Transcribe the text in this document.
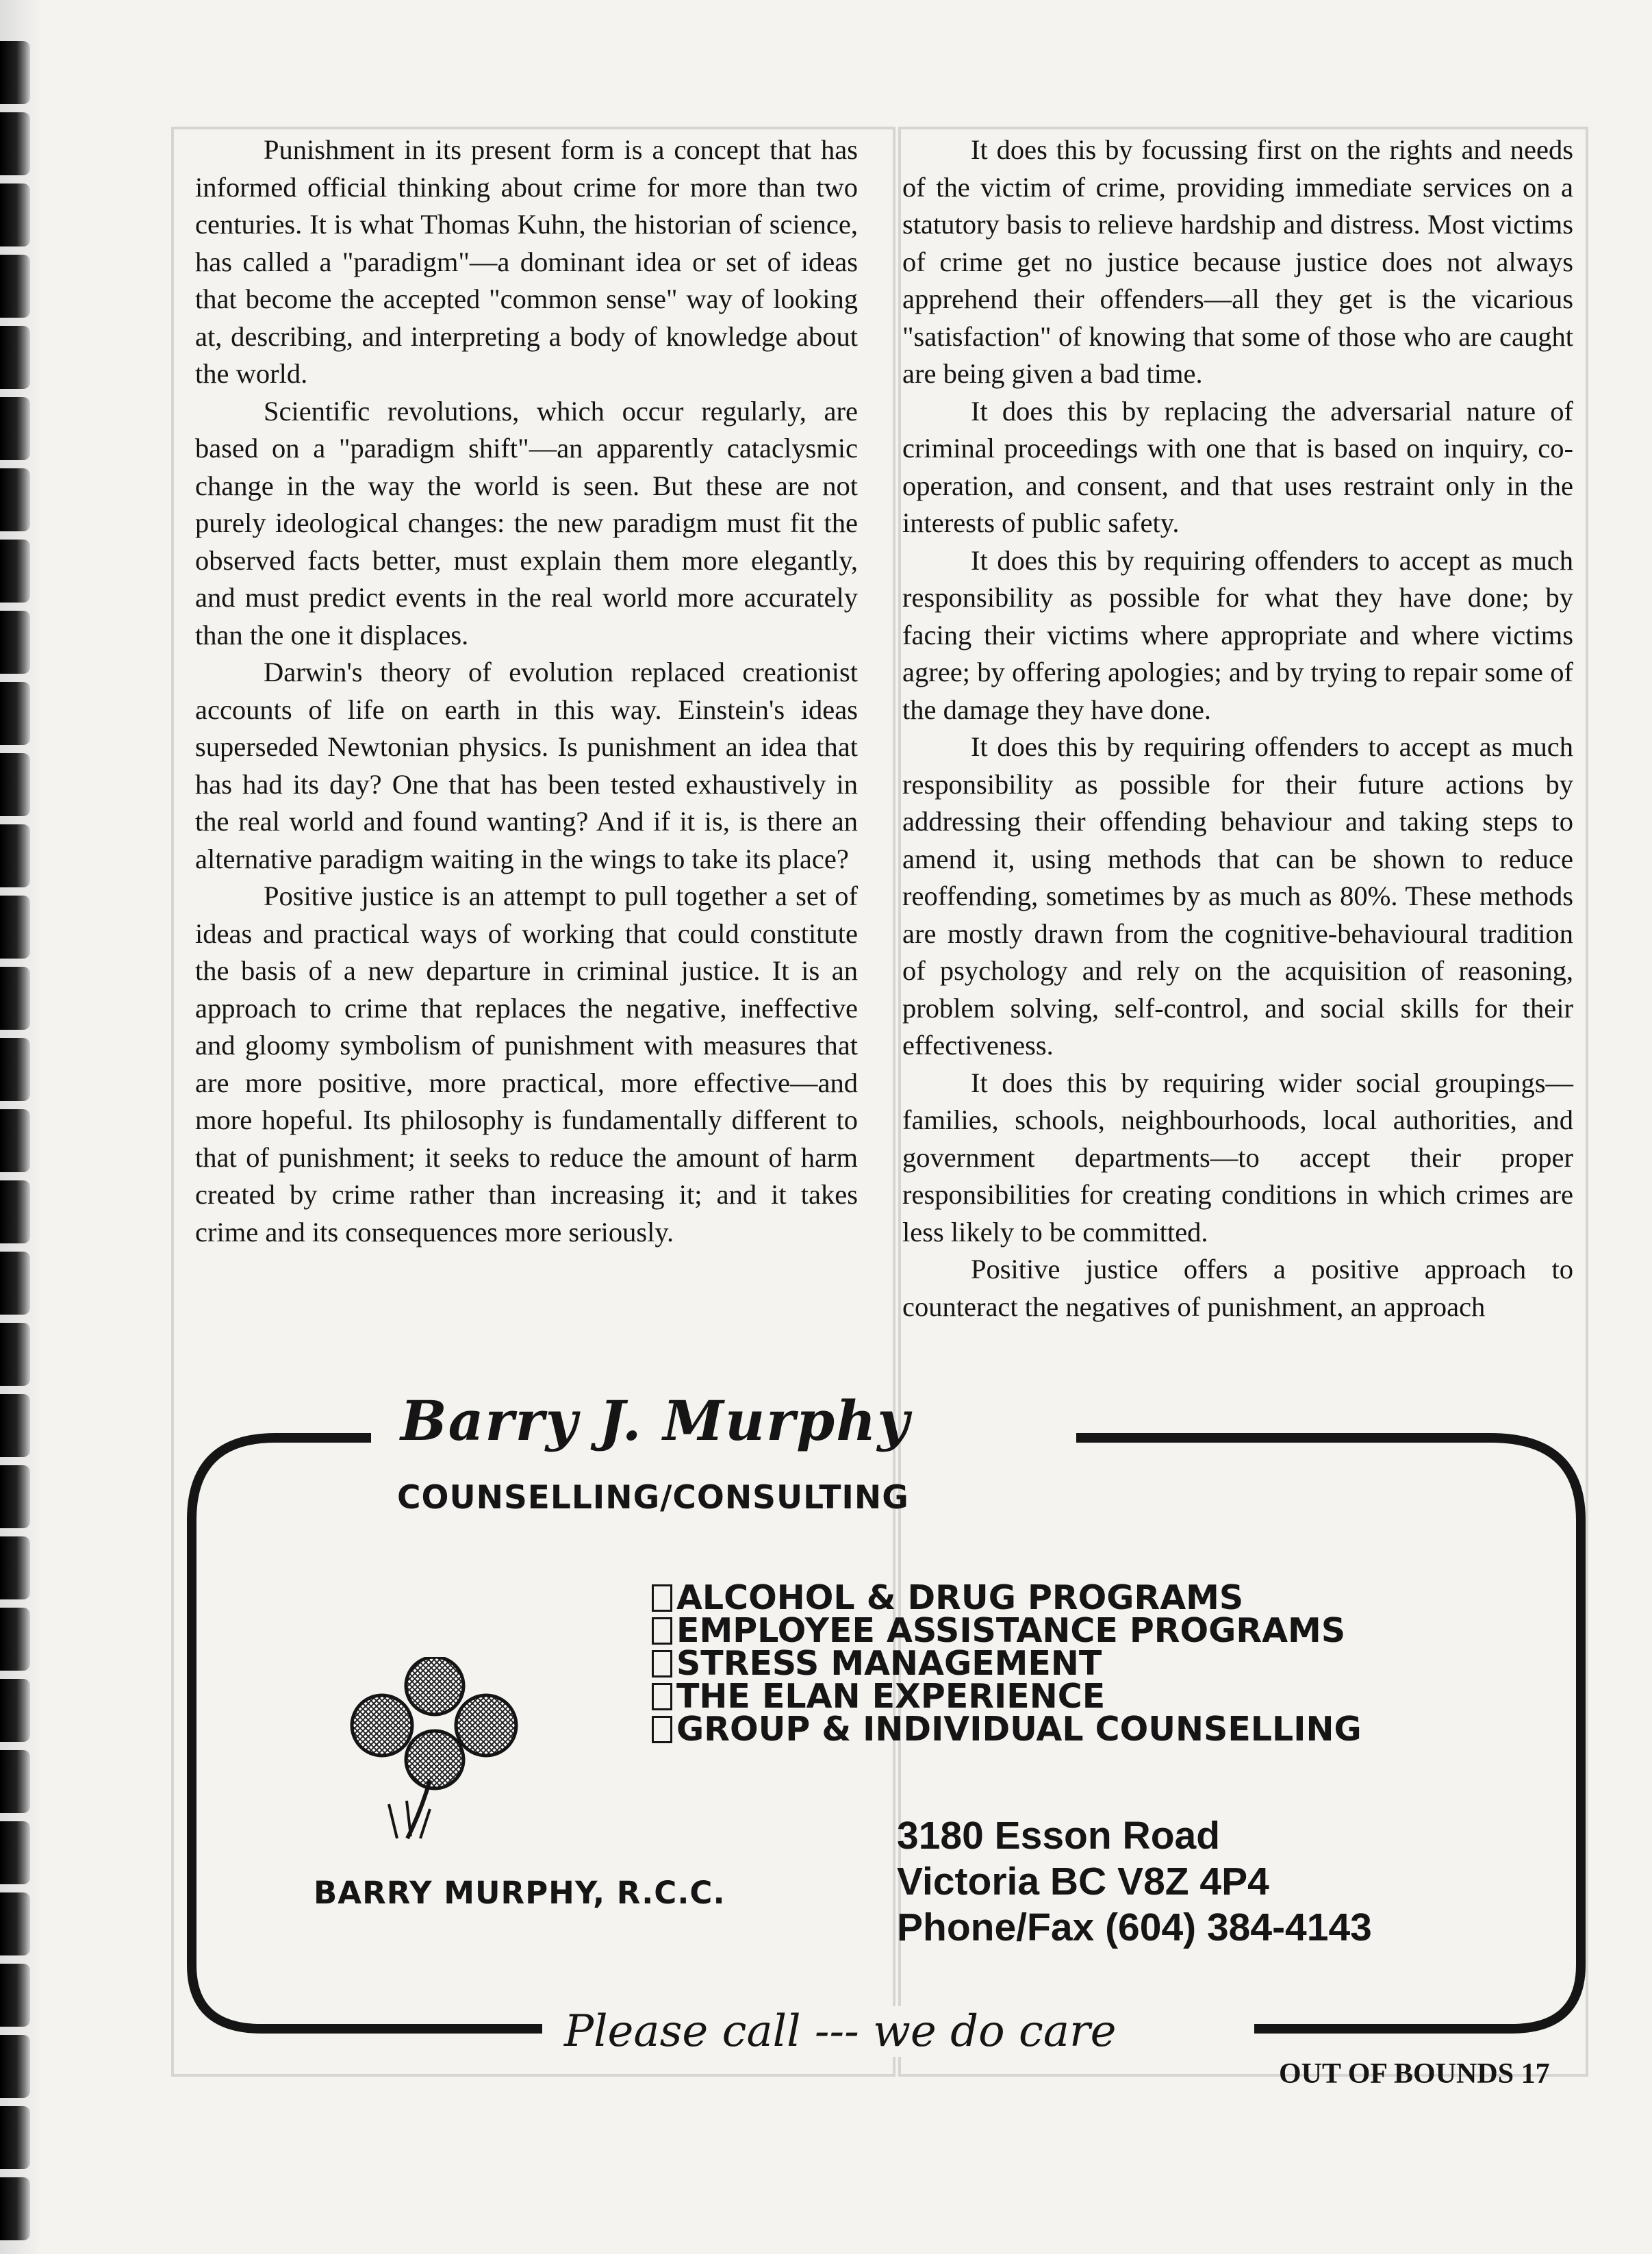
Punishment in its present form is a concept that has informed official thinking about crime for more than two centuries. It is what Thomas Kuhn, the historian of science, has called a "paradigm"—a dominant idea or set of ideas that become the accepted "common sense" way of looking at, describing, and interpreting a body of knowledge about the world.

Scientific revolutions, which occur regularly, are based on a "paradigm shift"—an apparently cataclysmic change in the way the world is seen. But these are not purely ideological changes: the new paradigm must fit the observed facts better, must explain them more elegantly, and must predict events in the real world more accurately than the one it displaces.

Darwin's theory of evolution replaced creationist accounts of life on earth in this way. Einstein's ideas superseded Newtonian physics. Is punishment an idea that has had its day? One that has been tested exhaustively in the real world and found wanting? And if it is, is there an alternative paradigm waiting in the wings to take its place?

Positive justice is an attempt to pull together a set of ideas and practical ways of working that could constitute the basis of a new departure in criminal justice. It is an approach to crime that replaces the negative, ineffective and gloomy symbolism of punishment with measures that are more positive, more practical, more effective—and more hopeful. Its philosophy is fundamentally different to that of punishment; it seeks to reduce the amount of harm created by crime rather than increasing it; and it takes crime and its consequences more seriously.

It does this by focussing first on the rights and needs of the victim of crime, providing immediate services on a statutory basis to relieve hardship and distress. Most victims of crime get no justice because justice does not always apprehend their offenders—all they get is the vicarious "satisfaction" of knowing that some of those who are caught are being given a bad time.

It does this by replacing the adversarial nature of criminal proceedings with one that is based on inquiry, co-operation, and consent, and that uses restraint only in the interests of public safety.

It does this by requiring offenders to accept as much responsibility as possible for what they have done; by facing their victims where appropriate and where victims agree; by offering apologies; and by trying to repair some of the damage they have done.

It does this by requiring offenders to accept as much responsibility as possible for their future actions by addressing their offending behaviour and taking steps to amend it, using methods that can be shown to reduce reoffending, sometimes by as much as 80%. These methods are mostly drawn from the cognitive-behavioural tradition of psychology and rely on the acquisition of reasoning, problem solving, self-control, and social skills for their effectiveness.

It does this by requiring wider social groupings—families, schools, neighbourhoods, local authorities, and government departments—to accept their proper responsibilities for creating conditions in which crimes are less likely to be committed.

Positive justice offers a positive approach to counteract the negatives of punishment, an approach

Barry J. Murphy
COUNSELLING/CONSULTING
ALCOHOL & DRUG PROGRAMS
EMPLOYEE ASSISTANCE PROGRAMS
STRESS MANAGEMENT
THE ELAN EXPERIENCE
GROUP & INDIVIDUAL COUNSELLING
BARRY MURPHY, R.C.C.
3180 Esson Road
Victoria BC V8Z 4P4
Phone/Fax (604) 384-4143
Please call --- we do care
OUT OF BOUNDS 17
